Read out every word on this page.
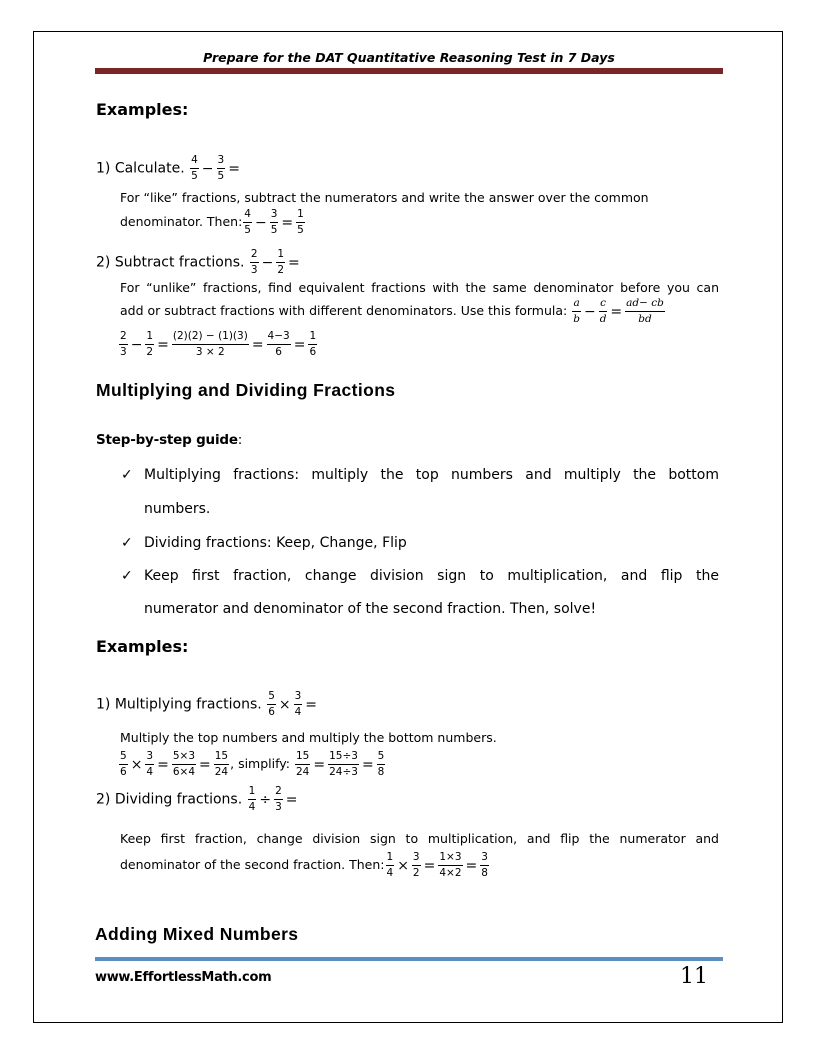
Prepare for the DAT Quantitative Reasoning Test in 7 Days
Examples:
1) Calculate. $\frac{4}{5} - \frac{3}{5}$ =
For “like” fractions, subtract the numerators and write the answer over the common
denominator. Then: $\frac{4}{5} - \frac{3}{5} = \frac{1}{5}$
2) Subtract fractions. $\frac{2}{3} - \frac{1}{2}$ =
For “unlike” fractions, find equivalent fractions with the same denominator before you can
add or subtract fractions with different denominators. Use this formula: $\frac{a}{b} - \frac{c}{d} = \frac{ad- cb}{bd}$
$\frac{2}{3} - \frac{1}{2} = \frac{(2)(2) - (1)(3)}{3 \times 2} = \frac{4-3}{6} = \frac{1}{6}$
Multiplying and Dividing Fractions
Step-by-step guide:
✓ Multiplying fractions: multiply the top numbers and multiply the bottom
numbers.
✓ Dividing fractions: Keep, Change, Flip
✓ Keep first fraction, change division sign to multiplication, and flip the
numerator and denominator of the second fraction. Then, solve!
Examples:
1) Multiplying fractions. $\frac{5}{6} \times \frac{3}{4}$ =
Multiply the top numbers and multiply the bottom numbers.
$\frac{5}{6} \times \frac{3}{4} = \frac{5\times 3}{6\times 4} = \frac{15}{24}$ , simplify: $\frac{15}{24} = \frac{15\div 3}{24\div 3} = \frac{5}{8}$
2) Dividing fractions. $\frac{1}{4} \div \frac{2}{3}$ =
Keep first fraction, change division sign to multiplication, and flip the numerator and
denominator of the second fraction. Then: $\frac{1}{4} \times \frac{3}{2} = \frac{1\times 3}{4\times 2} = \frac{3}{8}$
Adding Mixed Numbers
www.EffortlessMath.com	11
